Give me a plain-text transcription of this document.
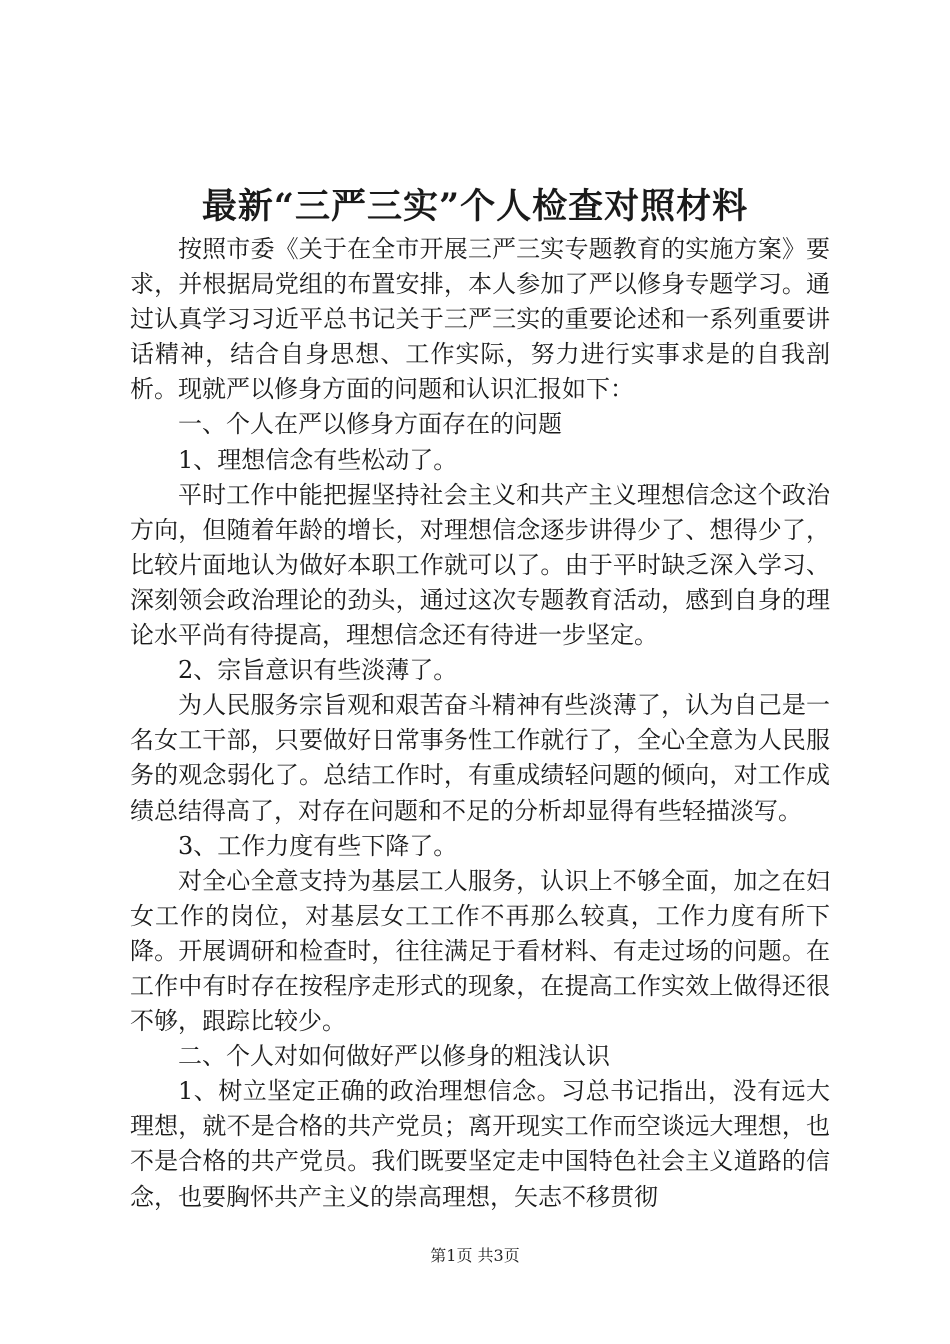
最新“三严三实”个人检查对照材料

按照市委《关于在全市开展三严三实专题教育的实施方案》要求，并根据局党组的布置安排，本人参加了严以修身专题学习。通过认真学习习近平总书记关于三严三实的重要论述和一系列重要讲话精神，结合自身思想、工作实际，努力进行实事求是的自我剖析。现就严以修身方面的问题和认识汇报如下：

一、个人在严以修身方面存在的问题

1、理想信念有些松动了。

平时工作中能把握坚持社会主义和共产主义理想信念这个政治方向，但随着年龄的增长，对理想信念逐步讲得少了、想得少了，比较片面地认为做好本职工作就可以了。由于平时缺乏深入学习、深刻领会政治理论的劲头，通过这次专题教育活动，感到自身的理论水平尚有待提高，理想信念还有待进一步坚定。

2、宗旨意识有些淡薄了。

为人民服务宗旨观和艰苦奋斗精神有些淡薄了，认为自己是一名女工干部，只要做好日常事务性工作就行了，全心全意为人民服务的观念弱化了。总结工作时，有重成绩轻问题的倾向，对工作成绩总结得高了，对存在问题和不足的分析却显得有些轻描淡写。

3、工作力度有些下降了。

对全心全意支持为基层工人服务，认识上不够全面，加之在妇女工作的岗位，对基层女工工作不再那么较真，工作力度有所下降。开展调研和检查时，往往满足于看材料、有走过场的问题。在工作中有时存在按程序走形式的现象，在提高工作实效上做得还很不够，跟踪比较少。

二、个人对如何做好严以修身的粗浅认识

1、树立坚定正确的政治理想信念。习总书记指出，没有远大理想，就不是合格的共产党员；离开现实工作而空谈远大理想，也不是合格的共产党员。我们既要坚定走中国特色社会主义道路的信念，也要胸怀共产主义的崇高理想，矢志不移贯彻

第1页 共3页
